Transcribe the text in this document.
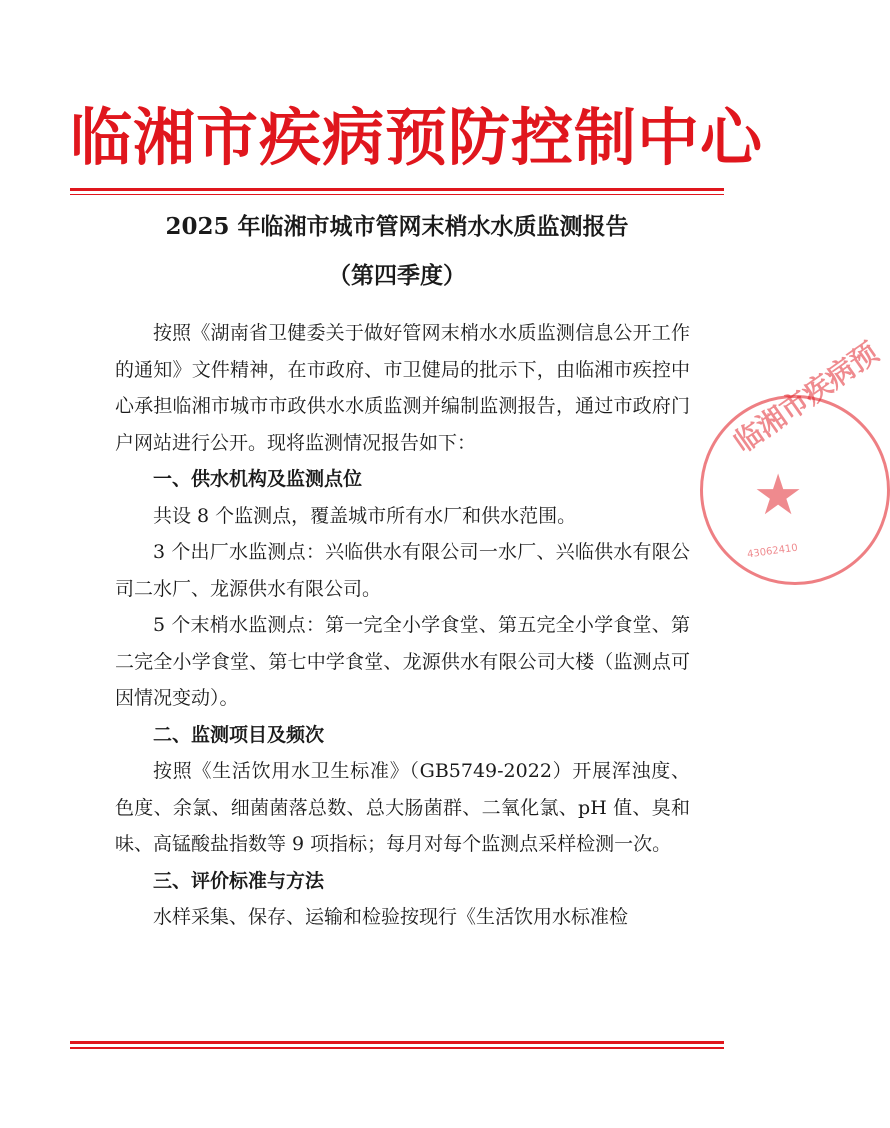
临湘市疾病预防控制中心
2025 年临湘市城市管网末梢水水质监测报告
（第四季度）

按照《湖南省卫健委关于做好管网末梢水水质监测信息公开工作的通知》文件精神，在市政府、市卫健局的批示下，由临湘市疾控中心承担临湘市城市市政供水水质监测并编制监测报告，通过市政府门户网站进行公开。现将监测情况报告如下：

一、供水机构及监测点位

共设 8 个监测点，覆盖城市所有水厂和供水范围。

3 个出厂水监测点：兴临供水有限公司一水厂、兴临供水有限公司二水厂、龙源供水有限公司。

5 个末梢水监测点：第一完全小学食堂、第五完全小学食堂、第二完全小学食堂、第七中学食堂、龙源供水有限公司大楼（监测点可因情况变动）。

二、监测项目及频次

按照《生活饮用水卫生标准》（GB5749-2022）开展浑浊度、色度、余氯、细菌菌落总数、总大肠菌群、二氧化氯、pH 值、臭和味、高锰酸盐指数等 9 项指标；每月对每个监测点采样检测一次。

三、评价标准与方法

水样采集、保存、运输和检验按现行《生活饮用水标准检

临湘市疾病预
★
43062410
